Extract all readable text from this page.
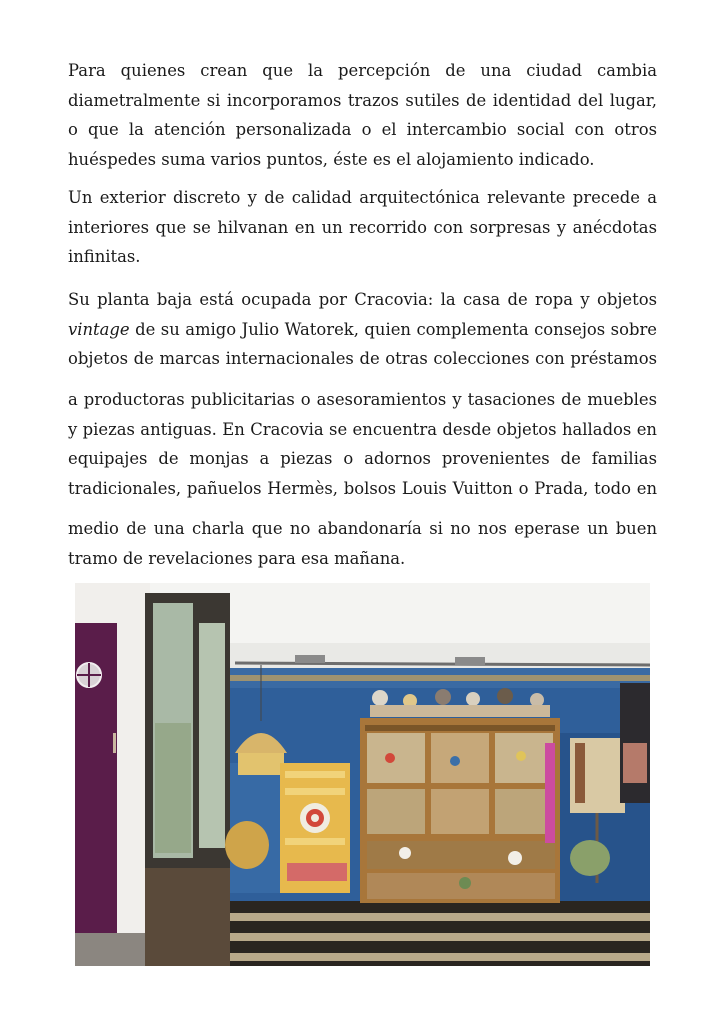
Para quienes crean que la percepción de una ciudad cambia
diametralmente si incorporamos trazos sutiles de identidad del lugar,
o que la atención personalizada o el intercambio social con otros
huéspedes suma varios puntos, éste es el alojamiento indicado.

Un exterior discreto y de calidad arquitectónica relevante precede a
interiores que se hilvanan en un recorrido con sorpresas y anécdotas
infinitas.

Su planta baja está ocupada por Cracovia: la casa de ropa y objetos
vintage de su amigo Julio Watorek, quien complementa consejos sobre
objetos de marcas internacionales de otras colecciones con préstamos

a productoras publicitarias o asesoramientos y tasaciones de muebles
y piezas antiguas. En Cracovia se encuentra desde objetos hallados en
equipajes de monjas a piezas o adornos provenientes de familias
tradicionales, pañuelos Hermès, bolsos Louis Vuitton o Prada, todo en

medio de una charla que no abandonaría si no nos eperase un buen
tramo de revelaciones para esa mañana.
